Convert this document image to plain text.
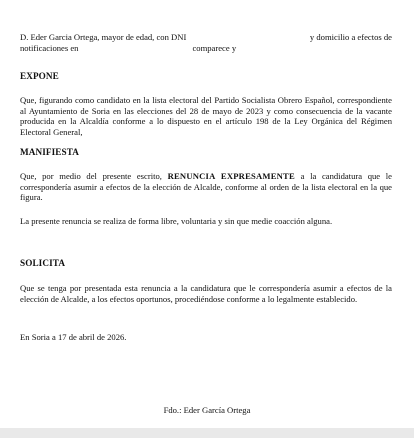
D. Eder Garcia Ortega, mayor de edad, con DNI	y domicilio a efectos de
notificaciones en	comparece y
EXPONE

Que, figurando como candidato en la lista electoral del Partido Socialista Obrero Español, correspondiente al Ayuntamiento de Soria en las elecciones del 28 de mayo de 2023 y como consecuencia de la vacante producida en la Alcaldía conforme a lo dispuesto en el artículo 198 de la Ley Orgánica del Régimen Electoral General,

MANIFIESTA

Que, por medio del presente escrito, RENUNCIA EXPRESAMENTE a la candidatura que le correspondería asumir a efectos de la elección de Alcalde, conforme al orden de la lista electoral en la que figura.

La presente renuncia se realiza de forma libre, voluntaria y sin que medie coacción alguna.

SOLICITA

Que se tenga por presentada esta renuncia a la candidatura que le correspondería asumir a efectos de la elección de Alcalde, a los efectos oportunos, procediéndose conforme a lo legalmente establecido.

En Soria a 17 de abril de 2026.

Fdo.: Eder García Ortega
